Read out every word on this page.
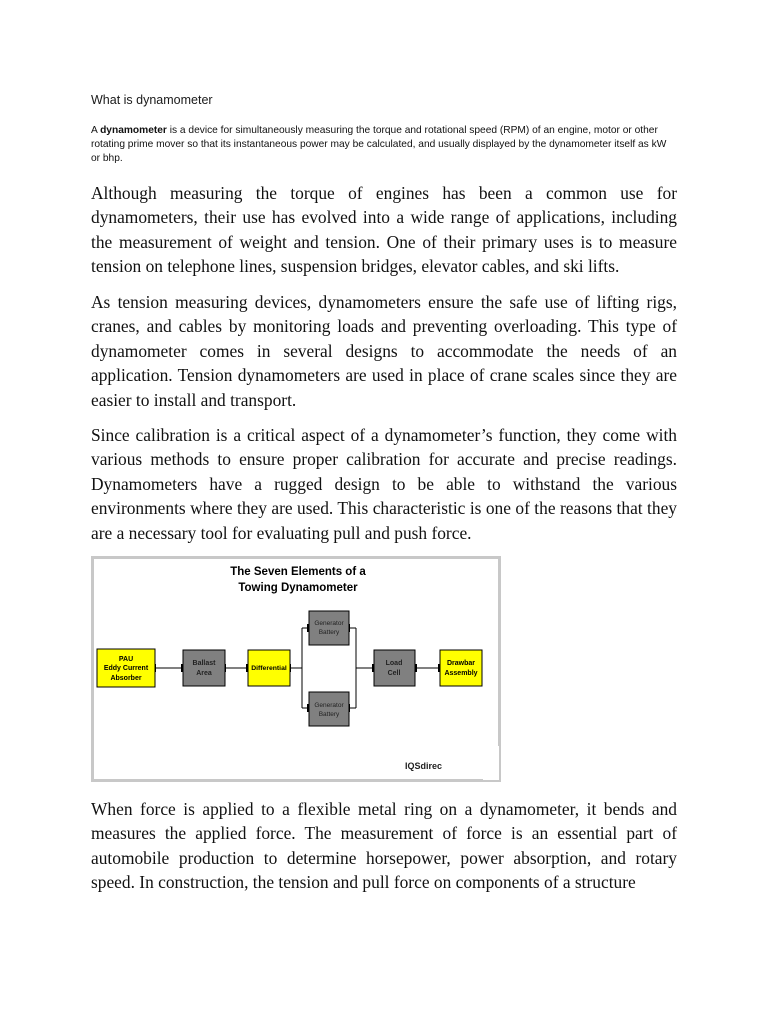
What is dynamometer
A dynamometer is a device for simultaneously measuring the torque and rotational speed (RPM) of an engine, motor or other rotating prime mover so that its instantaneous power may be calculated, and usually displayed by the dynamometer itself as kW or bhp.
Although measuring the torque of engines has been a common use for dynamometers, their use has evolved into a wide range of applications, including the measurement of weight and tension. One of their primary uses is to measure tension on telephone lines, suspension bridges, elevator cables, and ski lifts.
As tension measuring devices, dynamometers ensure the safe use of lifting rigs, cranes, and cables by monitoring loads and preventing overloading. This type of dynamometer comes in several designs to accommodate the needs of an application. Tension dynamometers are used in place of crane scales since they are easier to install and transport.
Since calibration is a critical aspect of a dynamometer’s function, they come with various methods to ensure proper calibration for accurate and precise readings. Dynamometers have a rugged design to be able to withstand the various environments where they are used. This characteristic is one of the reasons that they are a necessary tool for evaluating pull and push force.
The Seven Elements of a
Towing Dynamometer
PAU
Eddy Current
Absorber
Ballast
Area
Differential
Generator
Battery
Generator
Battery
Load
Cell
Drawbar
Assembly
IQSdirec
When force is applied to a flexible metal ring on a dynamometer, it bends and measures the applied force. The measurement of force is an essential part of automobile production to determine horsepower, power absorption, and rotary speed. In construction, the tension and pull force on components of a structure
